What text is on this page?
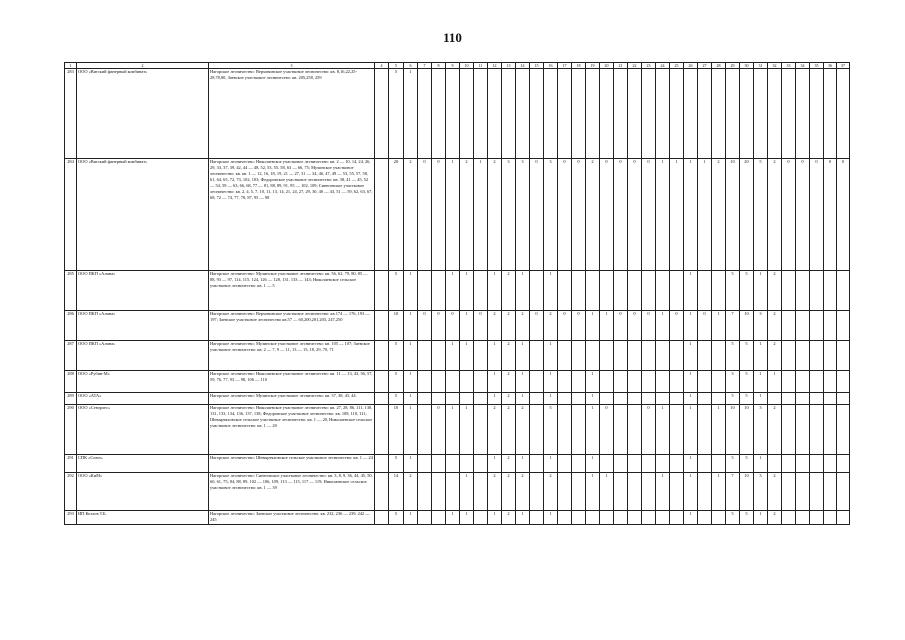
110
1	2	3	4	5	6	7	8	9	10	11	12	13	14	15	16	17	18	19	20	21	22	23	24	25	26	27	28	29	30	31	32	33	34	35	36	37	
283	ООО «Вятский фанерный комбинат»	Нагорское лесничество: Верховинское участковое лесничество: кв. 8,16,22,25-28,78,80, Заевское участковое лесничество: кв. 205,258, 259		5	1																																
284	ООО «Вятский фанерный комбинат»	Нагорское лесничество: Николаевское участковое лесничество: кв. 2 — 10, 14, 24, 26, 29, 33, 37, 39, 42, 44 — 48, 52, 53, 55, 58, 63 — 66, 75; Мулинское участковое лесничество: кв. кв. 1 — 12, 16, 18, 19, 21 — 27, 31 — 34, 46, 47, 49 — 53, 55, 57, 58, 61, 64, 65, 72, 73, 102, 103; Федоровское участковое лесничество: кв. 38, 41 — 45, 52 — 54, 59 — 63, 66, 68, 77 — 81, 88, 89, 91, 95 — 102, 109; Синеговское участковое лесничество: кв. 2, 4, 5, 7, 10, 11, 13, 14, 21, 24, 27, 29, 30, 40 — 43, 51 — 59, 62, 63, 67, 68, 72 — 74, 77, 78, 87, 95 — 98		20	2	0	0	1	2	1	2	3	3	0	3	0	0	2	0	0	0	0	1	1	1	1	2	10	20	5	2	0	0	0	0	0	
285	ООО ПКП «Алина»	Нагорское лесничество: Мулинское участковое лесничество: кв. 56, 62, 79, 80, 85 — 88, 93 — 97, 114, 115, 124, 126 — 128, 131, 133 — 143; Николаевское сельское участковое лесничество: кв. 1 — 5		5	1			1	1		1	2	1		1										1			5	5	1	2						
286	ООО ПКП «Алина»	Нагорское лесничество: Верховинское участковое лесничество: кв.174 — 176, 193 — 197; Заевское участковое лесничество кв.57 — 60,200,201,203, 247,250		10	1	0	0	0	1	0	2	2	2	0	2	0	0	1	1	0	0	0	1	0	1	0	1	7	10	3	2						
287	ООО ПКП «Алина»	Нагорское лесничество: Мулинское участковое лесничество: кв. 105 — 107; Заевское участковое лесничество: кв. 2 — 7, 9 — 11, 13 — 15, 18, 29, 70, 71		5	1			1	1		1	2	1		1										1			5	5	1	2						
288	ООО «Рубин-М»	Нагорское лесничество: Николаевское участковое лесничество: кв. 11 — 13, 43, 56, 57, 59, 76, 77, 93 — 98, 106 — 110		5	1						1	2	1		1			1							1			3	5	1	1						
289	ООО «АТА»	Нагорское лесничество: Мулинское участковое лесничество: кв. 37, 38, 43, 44.		5	1						1	2	1		1			1							1			5	5	1							
290	ООО «Севэрлес»	Нагорское лесничество: Николаевское участковое лесничество: кв. 27, 28, 86, 111, 130, 131, 133, 134, 136, 137, 138; Федоровское участковое лесничество: кв. 108, 110, 111; Шевыртяховское сельское участковое лесничество: кв. 1 — 20, Николаевское сельское участковое лесничество: кв. 1 — 20		10	1		0	1	1		2	2	2		5			1	0			0	1		1		1	10	10	3	2						
291	СПК «Союз»	Нагорское лесничество: Шевыртяховское сельское участковое лесничество: кв. 1 — 24		5	1						1	2	1		1			1							1			5	5	1							
292	ООО «КиМ»	Нагорское лесничество: Синеговское участковое лесничество: кв. 3, 8, 9, 36, 44, 45, 50, 60, 61, 75, 84, 88, 89, 102 — 106, 109, 113 — 115, 117 — 119; Николаевское сельское участковое лесничество: кв. 1 — 39		14	2				1		2	2	2		2			1	1				1		1		1	7	10	3	2						
293	ИП Козлов Т.Б.	Нагорское лесничество: Заевское участковое лесничество: кв. 232, 236 — 239, 242 — 245		5	1			1	1		1	2	1		1										1			5	5	1	2						
